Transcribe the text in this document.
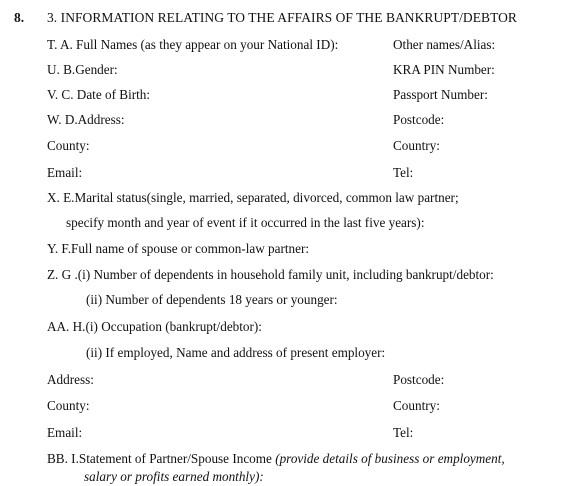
8. 3. INFORMATION RELATING TO THE AFFAIRS OF THE BANKRUPT/DEBTOR
T. A. Full Names (as they appear on your National ID):	Other names/Alias:
U. B.Gender:	KRA PIN Number:
V. C. Date of Birth:	Passport Number:
W. D.Address:	Postcode:
County:	Country:
Email:	Tel:
X. E.Marital status(single, married, separated, divorced, common law partner;
specify month and year of event if it occurred in the last five years):
Y. F.Full name of spouse or common-law partner:
Z. G .(i) Number of dependents in household family unit, including bankrupt/debtor:
(ii) Number of dependents 18 years or younger:
AA. H.(i) Occupation (bankrupt/debtor):
(ii) If employed, Name and address of present employer:
Address:	Postcode:
County:	Country:
Email:	Tel:
BB. I.Statement of Partner/Spouse Income (provide details of business or employment,
salary or profits earned monthly):
